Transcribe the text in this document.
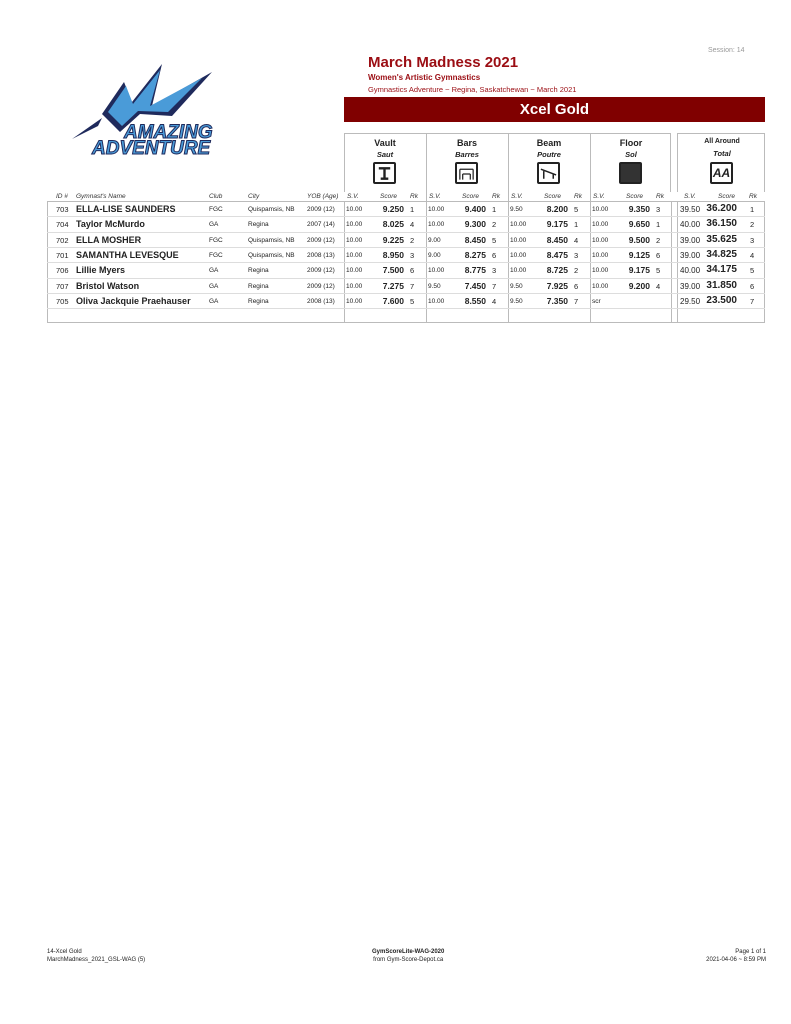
Session: 14
AMAZING
ADVENTURE
March Madness 2021
Women's Artistic Gymnastics
Gymnastics Adventure ~ Regina, Saskatchewan ~ March 2021
Xcel Gold
Vault
Saut
Bars
Barres
Beam
Poutre
Floor
Sol
All Around
Total
AA
ID # Gymnast's Name	Club	City	YOB (Age) S.V.	Score Rk S.V.	Score Rk S.V.	Score Rk S.V.	Score Rk	S.V.	Score Rk
703 ELLA-LISE SAUNDERS	FGC	Quispamsis, NB 2009 (12) 10.00	9.250 1 10.00	9.400 1 9.50	8.200 5 10.00	9.350 3 39.50 36.200 1
704 Taylor McMurdo	GA	Regina	2007 (14) 10.00	8.025 4 10.00	9.300 2 10.00	9.175 1 10.00	9.650 1 40.00 36.150 2
702 ELLA MOSHER	FGC	Quispamsis, NB 2009 (12) 10.00	9.225 2 9.00	8.450 5 10.00	8.450 4 10.00	9.500 2 39.00 35.625 3
701 SAMANTHA LEVESQUE	FGC	Quispamsis, NB 2008 (13) 10.00	8.950 3 9.00	8.275 6 10.00	8.475 3 10.00	9.125 6 39.00 34.825 4
706 Lillie Myers	GA	Regina	2009 (12) 10.00	7.500 6 10.00	8.775 3 10.00	8.725 2 10.00	9.175 5 40.00 34.175 5
707 Bristol Watson	GA	Regina	2009 (12) 10.00	7.275 7 9.50	7.450 7 9.50	7.925 6 10.00	9.200 4 39.00 31.850 6
705 Oliva Jackquie Praehauser	GA	Regina	2008 (13) 10.00	7.600 5 10.00	8.550 4 9.50	7.350 7 scr	29.50 23.500 7
14-Xcel Gold
MarchMadness_2021_GSL-WAG (5)
GymScoreLite-WAG-2020
from Gym-Score-Depot.ca
Page 1 of 1
2021-04-06 ~ 8:59 PM
